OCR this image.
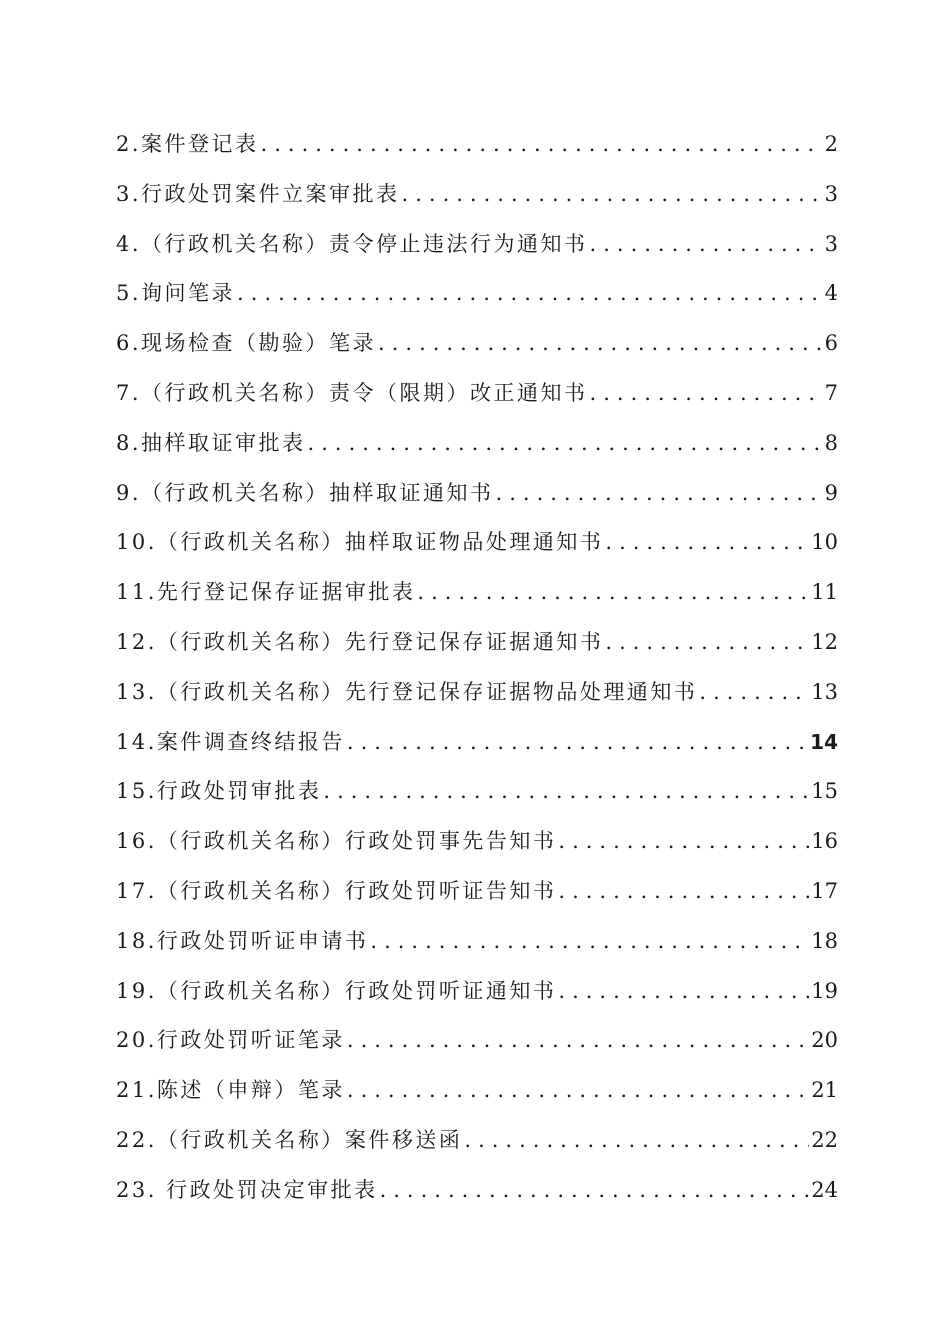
2.案件登记表 .....	2
3.行政处罚案件立案审批表 .....	3
4.（行政机关名称）责令停止违法行为通知书 .....	3
5.询问笔录 .....	4
6.现场检查（勘验）笔录 .....	6
7.（行政机关名称）责令（限期）改正通知书 .....	7
8.抽样取证审批表 .....	8
9.（行政机关名称）抽样取证通知书 .....	9
10.（行政机关名称）抽样取证物品处理通知书 .....	10
11.先行登记保存证据审批表 .....	11
12.（行政机关名称）先行登记保存证据通知书 .....	12
13.（行政机关名称）先行登记保存证据物品处理通知书 .....	13
14.案件调查终结报告 .....	14
15.行政处罚审批表 .....	15
16.（行政机关名称）行政处罚事先告知书 .....	16
17.（行政机关名称）行政处罚听证告知书 .....	17
18.行政处罚听证申请书 .....	18
19.（行政机关名称）行政处罚听证通知书 .....	19
20.行政处罚听证笔录 .....	20
21.陈述（申辩）笔录 .....	21
22.（行政机关名称）案件移送函 .....	22
23. 行政处罚决定审批表 .....	24
